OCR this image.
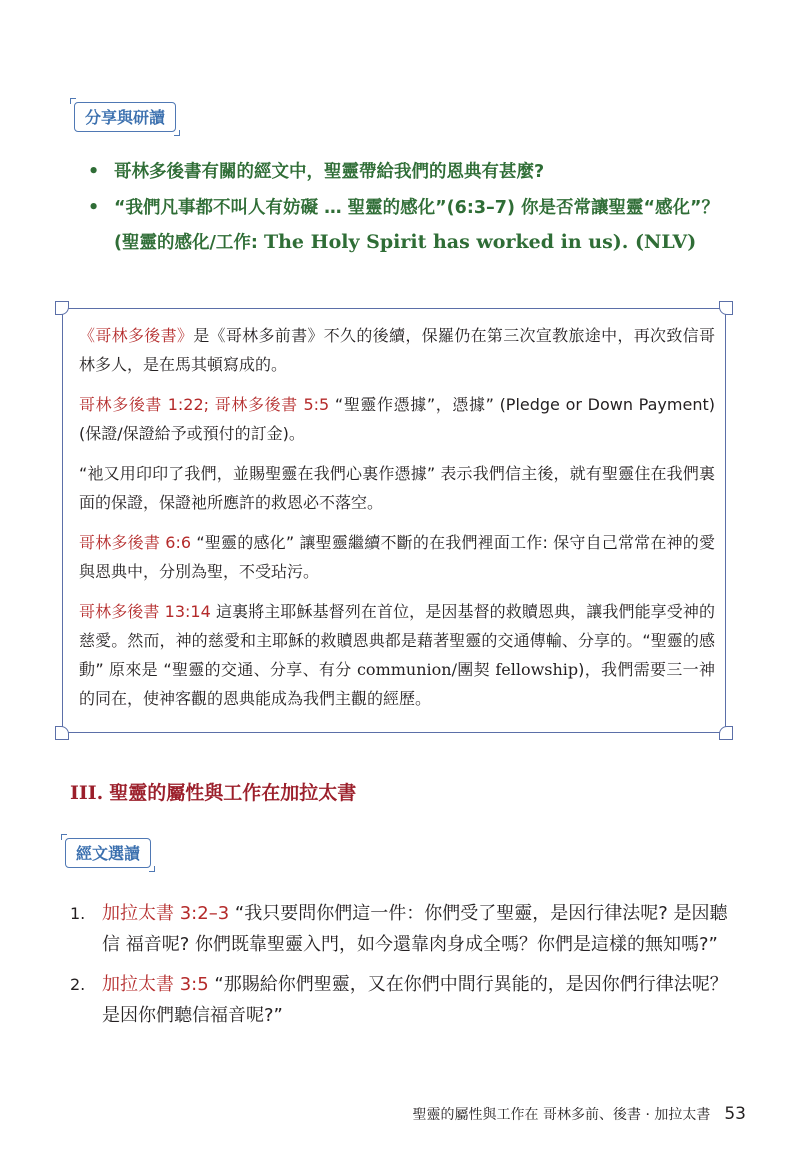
分享與研讀
• 哥林多後書有關的經文中，聖靈帶給我們的恩典有甚麼?
• “我們凡事都不叫人有妨礙 … 聖靈的感化”(6:3–7) 你是否常讓聖靈“感化”？(聖靈的感化/工作: The Holy Spirit has worked in us). (NLV)

《哥林多後書》是《哥林多前書》不久的後續，保羅仍在第三次宣教旅途中，再次致信哥林多人，是在馬其頓寫成的。

哥林多後書 1:22; 哥林多後書 5:5 “聖靈作憑據”，憑據” (Pledge or Down Payment) (保證/保證給予或預付的訂金)。

“祂又用印印了我們，並賜聖靈在我們心裏作憑據” 表示我們信主後，就有聖靈住在我們裏面的保證，保證祂所應許的救恩必不落空。

哥林多後書 6:6 “聖靈的感化” 讓聖靈繼續不斷的在我們裡面工作: 保守自己常常在神的愛與恩典中，分別為聖，不受玷污。

哥林多後書 13:14 這裏將主耶穌基督列在首位，是因基督的救贖恩典，讓我們能享受神的慈愛。然而，神的慈愛和主耶穌的救贖恩典都是藉著聖靈的交通傳輸、分享的。“聖靈的感動” 原來是 “聖靈的交通、分享、有分 communion/團契 fellowship)，我們需要三一神的同在，使神客觀的恩典能成為我們主觀的經歷。

III. 聖靈的屬性與工作在加拉太書
經文選讀
1. 加拉太書 3:2–3 “我只要問你們這一件：你們受了聖靈，是因行律法呢? 是因聽信 福音呢? 你們既靠聖靈入門，如今還靠肉身成全嗎？你們是這樣的無知嗎?”
2. 加拉太書 3:5 “那賜給你們聖靈，又在你們中間行異能的，是因你們行律法呢？是因你們聽信福音呢?”
聖靈的屬性與工作在 哥林多前、後書 · 加拉太書 53
